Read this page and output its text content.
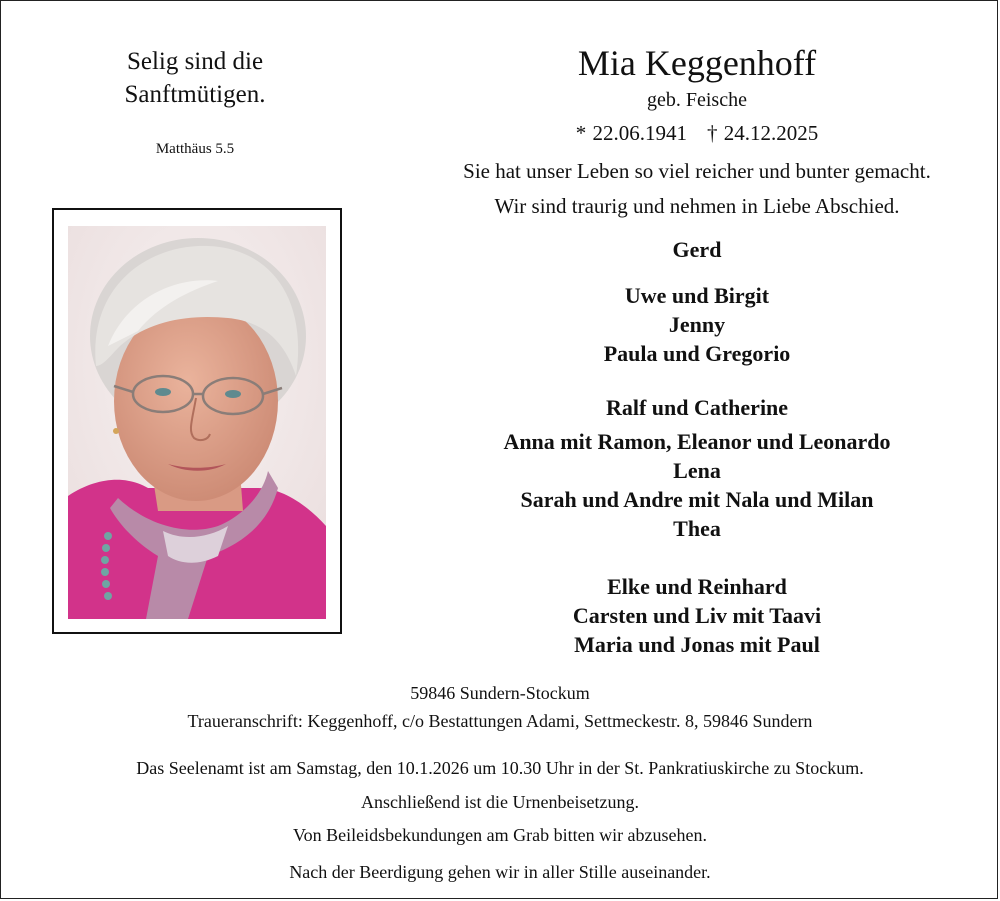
Selig sind die
Sanftmütigen.
Matthäus 5.5
Mia Keggenhoff
geb. Feische
* 22.06.1941 † 24.12.2025
Sie hat unser Leben so viel reicher und bunter gemacht.
Wir sind traurig und nehmen in Liebe Abschied.
Gerd
Uwe und Birgit
Jenny
Paula und Gregorio
Ralf und Catherine
Anna mit Ramon, Eleanor und Leonardo
Lena
Sarah und Andre mit Nala und Milan
Thea
Elke und Reinhard
Carsten und Liv mit Taavi
Maria und Jonas mit Paul
59846 Sundern-Stockum
Traueranschrift: Keggenhoff, c/o Bestattungen Adami, Settmeckestr. 8, 59846 Sundern
Das Seelenamt ist am Samstag, den 10.1.2026 um 10.30 Uhr in der St. Pankratiuskirche zu Stockum.
Anschließend ist die Urnenbeisetzung.
Von Beileidsbekundungen am Grab bitten wir abzusehen.
Nach der Beerdigung gehen wir in aller Stille auseinander.
